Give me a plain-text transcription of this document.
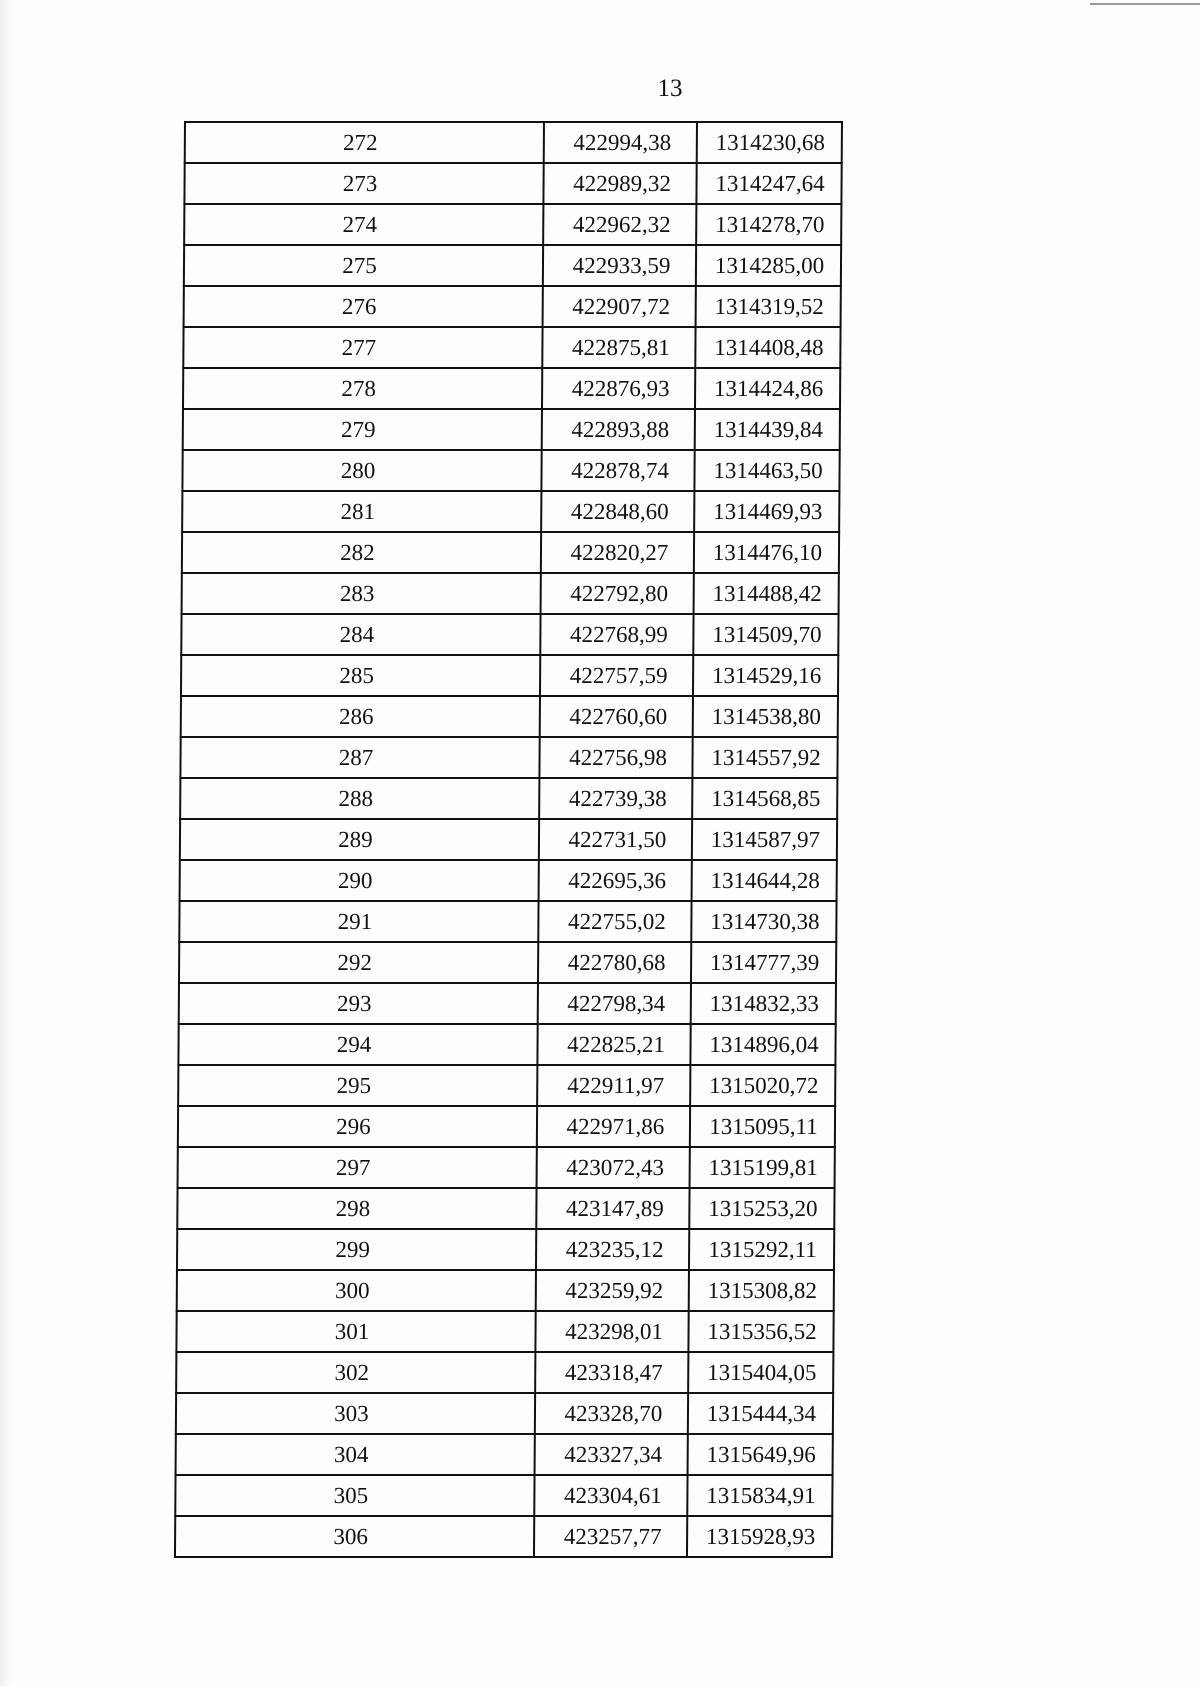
13
272	422994,38	1314230,68
273	422989,32	1314247,64
274	422962,32	1314278,70
275	422933,59	1314285,00
276	422907,72	1314319,52
277	422875,81	1314408,48
278	422876,93	1314424,86
279	422893,88	1314439,84
280	422878,74	1314463,50
281	422848,60	1314469,93
282	422820,27	1314476,10
283	422792,80	1314488,42
284	422768,99	1314509,70
285	422757,59	1314529,16
286	422760,60	1314538,80
287	422756,98	1314557,92
288	422739,38	1314568,85
289	422731,50	1314587,97
290	422695,36	1314644,28
291	422755,02	1314730,38
292	422780,68	1314777,39
293	422798,34	1314832,33
294	422825,21	1314896,04
295	422911,97	1315020,72
296	422971,86	1315095,11
297	423072,43	1315199,81
298	423147,89	1315253,20
299	423235,12	1315292,11
300	423259,92	1315308,82
301	423298,01	1315356,52
302	423318,47	1315404,05
303	423328,70	1315444,34
304	423327,34	1315649,96
305	423304,61	1315834,91
306	423257,77	1315928,93
